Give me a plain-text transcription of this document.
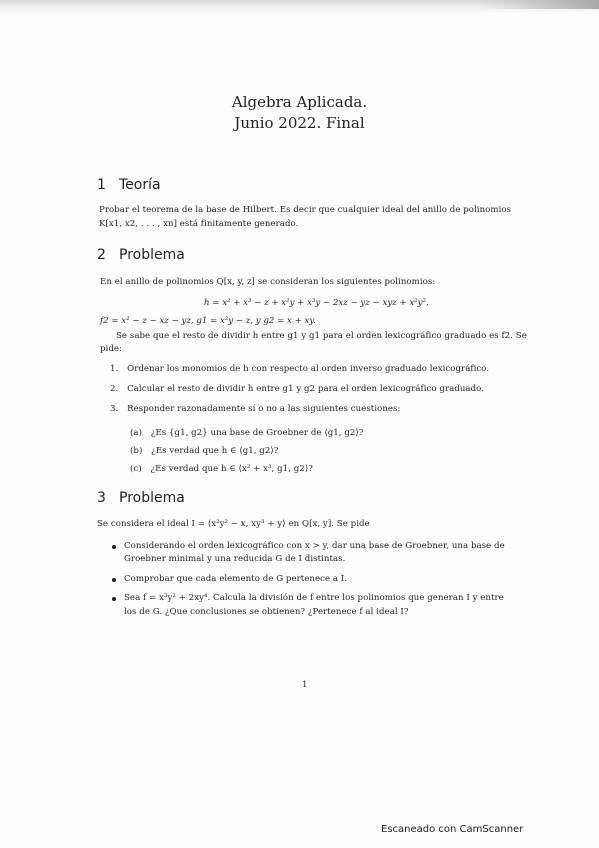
Algebra Aplicada.
Junio 2022. Final
1 Teoría
Probar el teorema de la base de Hilbert. Es decir que cualquier ideal del anillo de polinomios
K[x1, x2, . . . , xn] está finitamente generado.
2 Problema
En el anillo de polinomios Q[x, y, z] se consideran los siguientes polinomios:
h = x² + x³ − z + x²y + x³y − 2xz − yz − xyz + x²y²,
f2 = x² − z − xz − yz, g1 = x²y − z, y g2 = x + xy.
Se sabe que el resto de dividir h entre g1 y g1 para el orden lexicográfico graduado es f2. Se
pide:
1. Ordenar los monomios de h con respecto al orden inverso graduado lexicográfico.
2. Calcular el resto de dividir h entre g1 y g2 para el orden lexicográfico graduado.
3. Responder razonadamente sí o no a las siguientes cuestiones:
(a) ¿Es {g1, g2} una base de Groebner de ⟨g1, g2⟩?
(b) ¿Es verdad que h ∈ ⟨g1, g2⟩?
(c) ¿Es verdad que h ∈ ⟨x² + x³, g1, g2⟩?
3 Problema
Se considera el ideal I = ⟨x²y² − x, xy³ + y⟩ en Q[x, y]. Se pide
Considerando el orden lexicográfico con x > y, dar una base de Groebner, una base de
Groebner minimal y una reducida G de I distintas.
Comprobar que cada elemento de G pertenece a I.
Sea f = x³y² + 2xy⁴. Calcula la división de f entre los polinomios que generan I y entre
los de G. ¿Que conclusiones se obtienen? ¿Pertenece f al ideal I?
1
Escaneado con CamScanner
